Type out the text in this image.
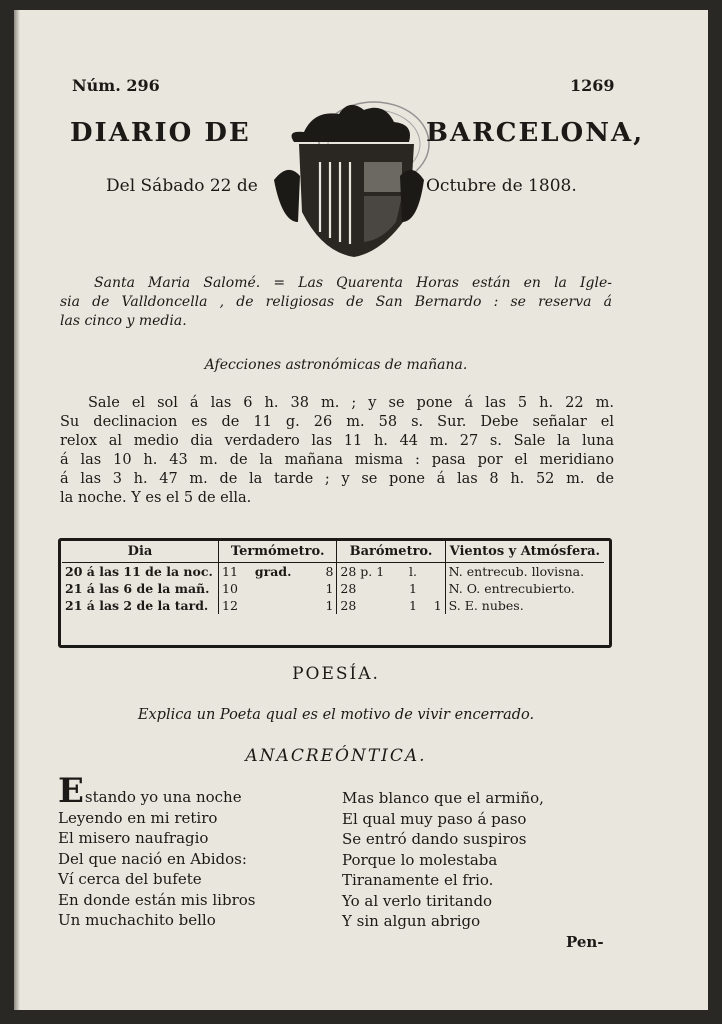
Núm. 296	1269
DIARIO DE	BARCELONA,
Del Sábado 22 de	Octubre de 1808.
Santa Maria Salomé. = Las Quarenta Horas están en la Igle-
sia de Valldoncella , de religiosas de San Bernardo : se reserva á
las cinco y media.
Afecciones astronómicas de mañana.
Sale el sol á las 6 h. 38 m. ; y se pone á las 5 h. 22 m.
Su declinacion es de 11 g. 26 m. 58 s. Sur. Debe señalar el
relox al medio dia verdadero las 11 h. 44 m. 27 s. Sale la luna
á las 10 h. 43 m. de la mañana misma : pasa por el meridiano
á las 3 h. 47 m. de la tarde ; y se pone á las 8 h. 52 m. de
la noche. Y es el 5 de ella.
Dia	Termómetro.			Barómetro.			Vientos y Atmósfera.
20 á las 11 de la noc.	11	grad.	8	28 p. 1	l.		N. entrecub. llovisna.
21 á las 6 de la mañ.	10		1	28	1		N. O. entrecubierto.
21 á las 2 de la tard.	12		1	28	1	1	S. E. nubes.
POESÍA.
Explica un Poeta qual es el motivo de vivir encerrado.
ANACREÓNTICA.
E stando yo una noche
Leyendo en mi retiro
El misero naufragio
Del que nació en Abidos:
Ví cerca del bufete
En donde están mis libros
Un muchachito bello
Mas blanco que el armiño,
El qual muy paso á paso
Se entró dando suspiros
Porque lo molestaba
Tiranamente el frio.
Yo al verlo tiritando
Y sin algun abrigo
Pen-
